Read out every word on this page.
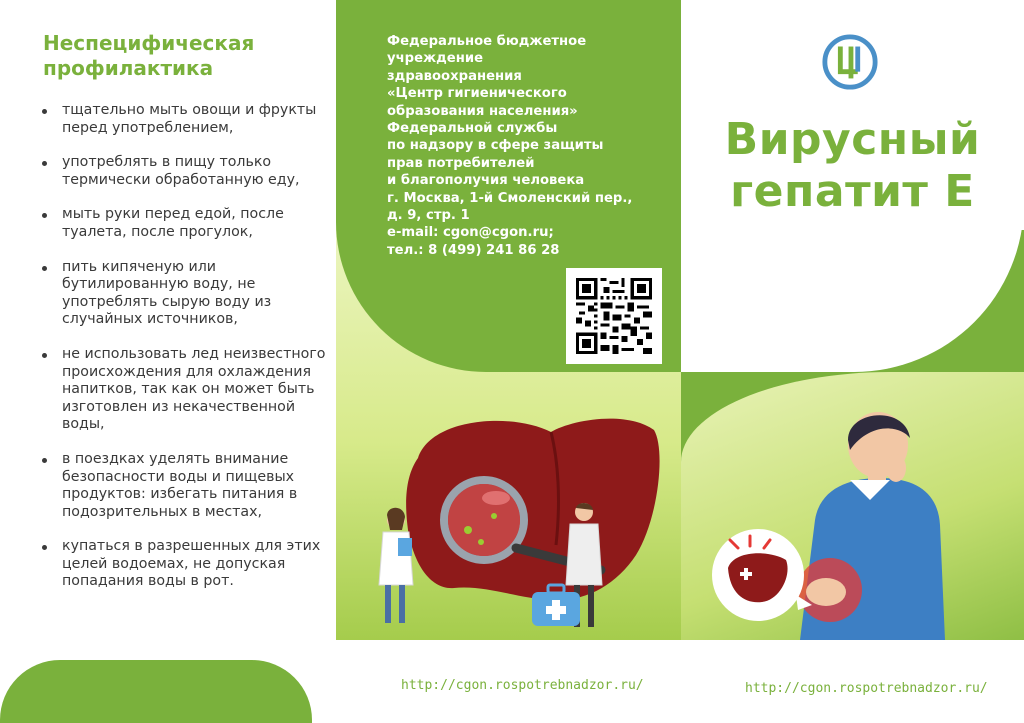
Неспецифическая профилактика
тщательно мыть овощи и фрукты перед употреблением,
употреблять в пищу только термически обработанную еду,
мыть руки перед едой, после туалета, после прогулок,
пить кипяченую или бутилированную воду, не употреблять сырую воду из случайных источников,
не использовать лед неизвестного происхождения для охлаждения напитков, так как он может быть изготовлен из некачественной воды,
в поездках уделять внимание безопасности воды и пищевых продуктов: избегать питания в подозрительных в местах,
купаться в разрешенных для этих целей водоемах, не допуская попадания воды в рот.
Федеральное бюджетное
учреждение
здравоохранения
«Центр гигиенического
образования населения»
Федеральной службы
по надзору в сфере защиты
прав потребителей
и благополучия человека
г. Москва, 1-й Смоленский пер.,
д. 9, стр. 1
e-mail: cgon@cgon.ru;
тел.: 8 (499) 241 86 28
Вирусный
гепатит Е
http://cgon.rospotrebnadzor.ru/	http://cgon.rospotrebnadzor.ru/
